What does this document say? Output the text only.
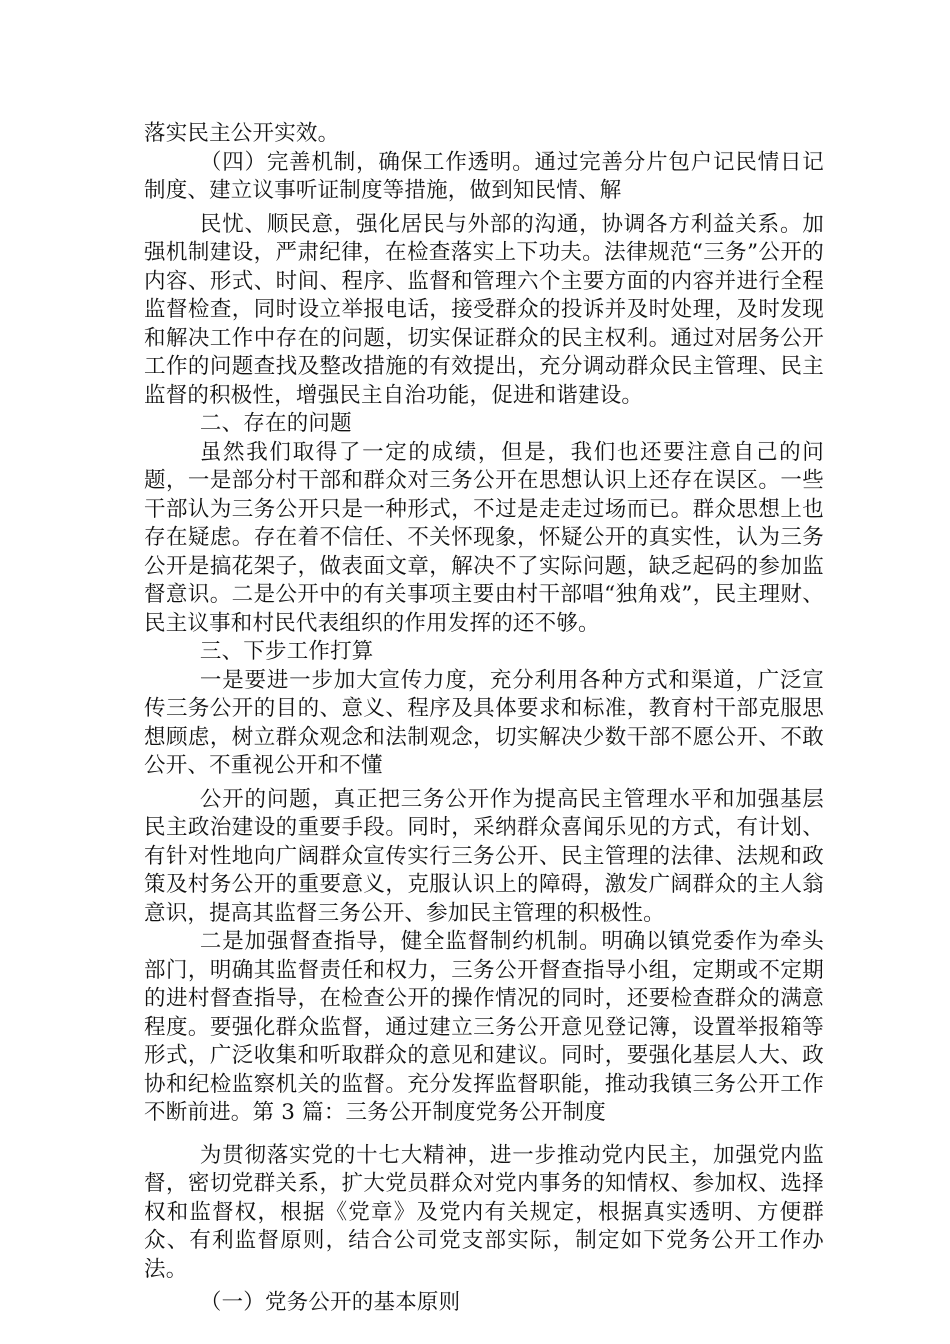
落实民主公开实效。

（四）完善机制，确保工作透明。通过完善分片包户记民情日记制度、建立议事听证制度等措施，做到知民情、解

民忧、顺民意，强化居民与外部的沟通，协调各方利益关系。加强机制建设，严肃纪律，在检查落实上下功夫。法律规范“三务”公开的内容、形式、时间、程序、监督和管理六个主要方面的内容并进行全程监督检查，同时设立举报电话，接受群众的投诉并及时处理，及时发现和解决工作中存在的问题，切实保证群众的民主权利。通过对居务公开工作的问题查找及整改措施的有效提出，充分调动群众民主管理、民主监督的积极性，增强民主自治功能，促进和谐建设。

二、存在的问题

虽然我们取得了一定的成绩，但是，我们也还要注意自己的问题，一是部分村干部和群众对三务公开在思想认识上还存在误区。一些干部认为三务公开只是一种形式，不过是走走过场而已。群众思想上也存在疑虑。存在着不信任、不关怀现象，怀疑公开的真实性，认为三务公开是搞花架子，做表面文章，解决不了实际问题，缺乏起码的参加监督意识。二是公开中的有关事项主要由村干部唱“独角戏”，民主理财、民主议事和村民代表组织的作用发挥的还不够。

三、下步工作打算

一是要进一步加大宣传力度，充分利用各种方式和渠道，广泛宣传三务公开的目的、意义、程序及具体要求和标准，教育村干部克服思想顾虑，树立群众观念和法制观念，切实解决少数干部不愿公开、不敢公开、不重视公开和不懂

公开的问题，真正把三务公开作为提高民主管理水平和加强基层民主政治建设的重要手段。同时，采纳群众喜闻乐见的方式，有计划、有针对性地向广阔群众宣传实行三务公开、民主管理的法律、法规和政策及村务公开的重要意义，克服认识上的障碍，激发广阔群众的主人翁意识，提高其监督三务公开、参加民主管理的积极性。

二是加强督查指导，健全监督制约机制。明确以镇党委作为牵头部门，明确其监督责任和权力，三务公开督查指导小组，定期或不定期的进村督查指导，在检查公开的操作情况的同时，还要检查群众的满意程度。要强化群众监督，通过建立三务公开意见登记簿，设置举报箱等形式，广泛收集和听取群众的意见和建议。同时，要强化基层人大、政协和纪检监察机关的监督。充分发挥监督职能，推动我镇三务公开工作不断前进。第 3 篇：三务公开制度党务公开制度

为贯彻落实党的十七大精神，进一步推动党内民主，加强党内监督，密切党群关系，扩大党员群众对党内事务的知情权、参加权、选择权和监督权，根据《党章》及党内有关规定，根据真实透明、方便群众、有利监督原则，结合公司党支部实际，制定如下党务公开工作办法。

（一）党务公开的基本原则
